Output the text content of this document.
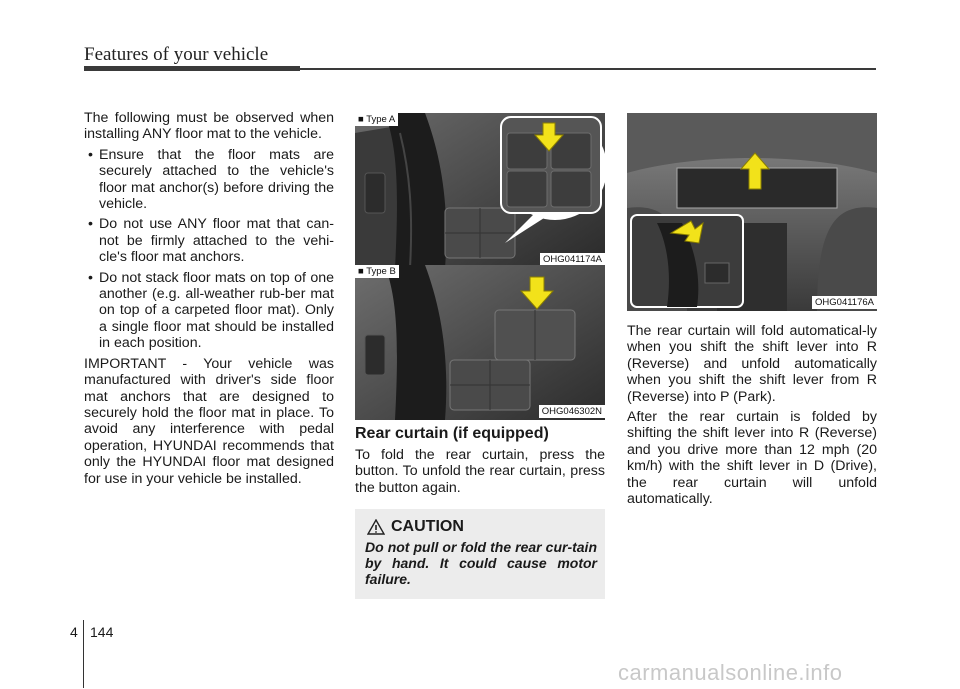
Features of your vehicle

The following must be observed when installing ANY floor mat to the vehicle.

• Ensure that the floor mats are securely attached to the vehicle's floor mat anchor(s) before driving the vehicle.
• Do not use ANY floor mat that can-not be firmly attached to the vehi-cle's floor mat anchors.
• Do not stack floor mats on top of one another (e.g. all-weather rub-ber mat on top of a carpeted floor mat). Only a single floor mat should be installed in each position.

IMPORTANT - Your vehicle was manufactured with driver's side floor mat anchors that are designed to securely hold the floor mat in place. To avoid any interference with pedal operation, HYUNDAI recommends that only the HYUNDAI floor mat designed for use in your vehicle be installed.

■ Type A
OHG041174A
■ Type B
OHG046302N
Rear curtain (if equipped)

To fold the rear curtain, press the button. To unfold the rear curtain, press the button again.

CAUTION
Do not pull or fold the rear cur-tain by hand. It could cause motor failure.
OHG041176A

The rear curtain will fold automatical-ly when you shift the shift lever into R (Reverse) and unfold automatically when you shift the shift lever from R (Reverse) into P (Park).

After the rear curtain is folded by shifting the shift lever into R (Reverse) and you drive more than 12 mph (20 km/h) with the shift lever in D (Drive), the rear curtain will unfold automatically.

4 144
carmanualsonline.info
